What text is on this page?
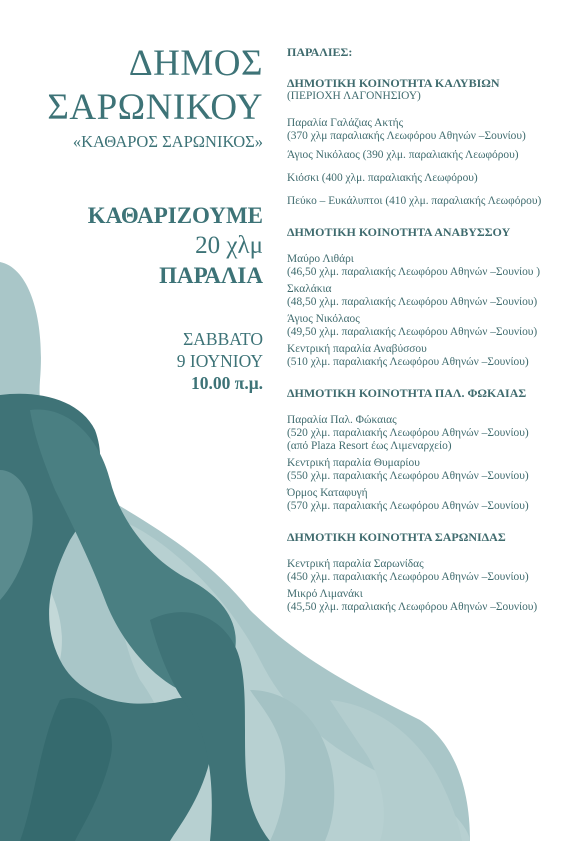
ΔΗΜΟΣ
ΣΑΡΩΝΙΚΟΥ
«ΚΑΘΑΡΟΣ ΣΑΡΩΝΙΚΟΣ»
ΚΑΘΑΡΙΖΟΥΜΕ
20 χλμ
ΠΑΡΑΛΙΑ
ΣΑΒΒΑΤΟ
9 ΙΟΥΝΙΟΥ
10.00 π.μ.
ΠΑΡΑΛΙΕΣ:
ΔΗΜΟΤΙΚΗ ΚΟΙΝΟΤΗΤΑ ΚΑΛΥΒΙΩΝ
(ΠΕΡΙΟΧΗ ΛΑΓΟΝΗΣΙΟΥ)
Παραλία Γαλάζιας Ακτής
(370 χλμ παραλιακής Λεωφόρου Αθηνών –Σουνίου)
Άγιος Νικόλαος (390 χλμ. παραλιακής Λεωφόρου)
Κιόσκι (400 χλμ. παραλιακής Λεωφόρου)
Πεύκο – Ευκάλυπτοι (410 χλμ. παραλιακής Λεωφόρου)
ΔΗΜΟΤΙΚΗ ΚΟΙΝΟΤΗΤΑ ΑΝΑΒΥΣΣΟΥ
Μαύρο Λιθάρι
(46,50 χλμ. παραλιακής Λεωφόρου Αθηνών –Σουνίου )
Σκαλάκια
(48,50 χλμ. παραλιακής Λεωφόρου Αθηνών –Σουνίου)
Άγιος Νικόλαος
(49,50 χλμ. παραλιακής Λεωφόρου Αθηνών –Σουνίου)
Κεντρική παραλία Αναβύσσου
(510 χλμ. παραλιακής Λεωφόρου Αθηνών –Σουνίου)
ΔΗΜΟΤΙΚΗ ΚΟΙΝΟΤΗΤΑ ΠΑΛ. ΦΩΚΑΙΑΣ
Παραλία Παλ. Φώκαιας
(520 χλμ. παραλιακής Λεωφόρου Αθηνών –Σουνίου)
(από Plaza Resort έως Λιμεναρχείο)
Κεντρική παραλία Θυμαρίου
(550 χλμ. παραλιακής Λεωφόρου Αθηνών –Σουνίου)
Όρμος Καταφυγή
(570 χλμ. παραλιακής Λεωφόρου Αθηνών –Σουνίου)
ΔΗΜΟΤΙΚΗ ΚΟΙΝΟΤΗΤΑ ΣΑΡΩΝΙΔΑΣ
Κεντρική παραλία Σαρωνίδας
(450 χλμ. παραλιακής Λεωφόρου Αθηνών –Σουνίου)
Μικρό Λιμανάκι
(45,50 χλμ. παραλιακής Λεωφόρου Αθηνών –Σουνίου)
